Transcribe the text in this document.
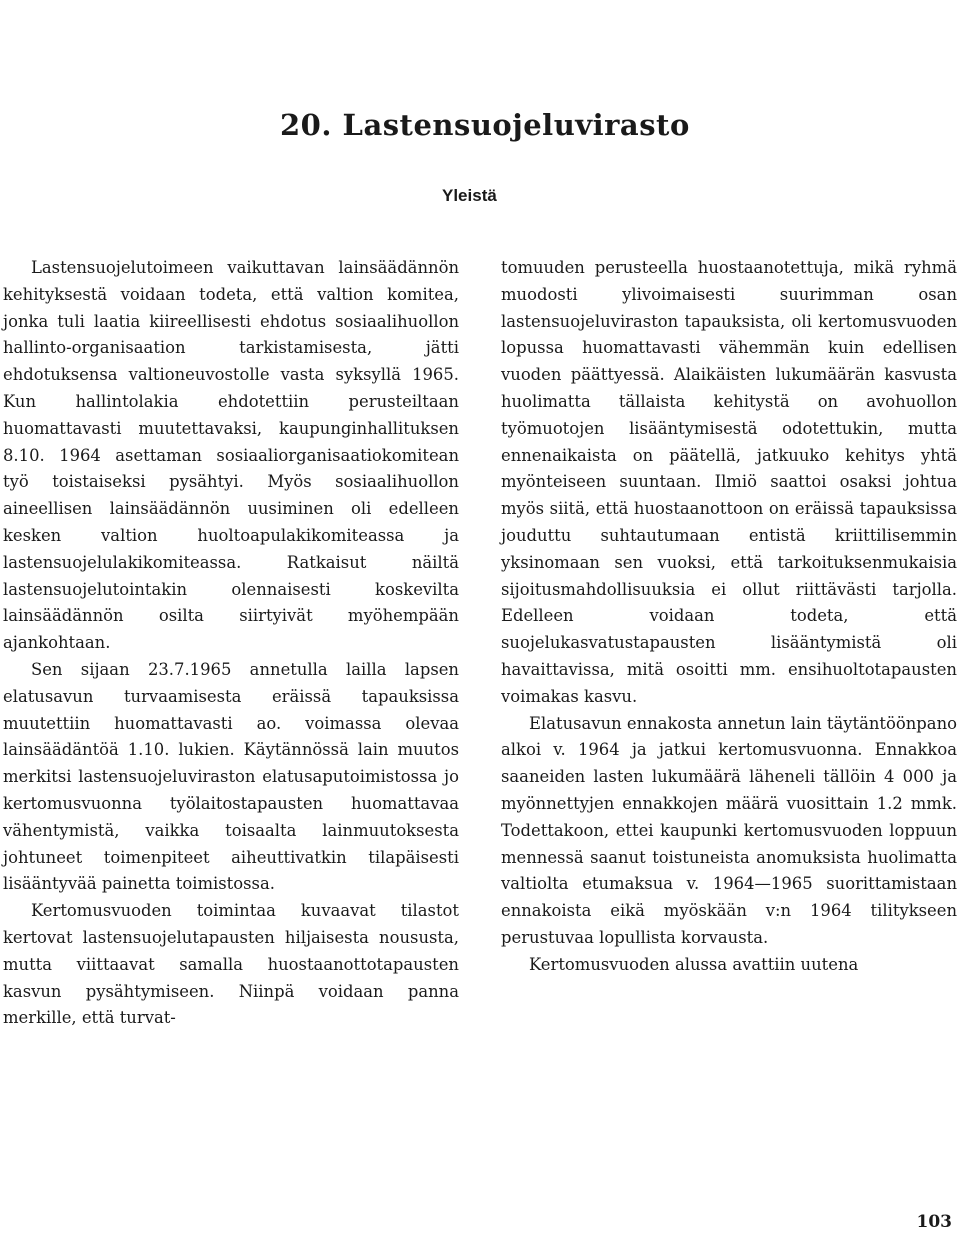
20. Lastensuojeluvirasto
Yleistä

Lastensuojelutoimeen vaikuttavan lainsäädännön kehityksestä voidaan todeta, että valtion komitea, jonka tuli laatia kiireellisesti ehdotus sosiaalihuollon hallinto-organisaation tarkistamisesta, jätti ehdotuksensa valtioneuvostolle vasta syksyllä 1965. Kun hallintolakia ehdotettiin perusteiltaan huomattavasti muutettavaksi, kaupunginhallituksen 8.10. 1964 asettaman sosiaaliorganisaatiokomitean työ toistaiseksi pysähtyi. Myös sosiaalihuollon aineellisen lainsäädännön uusiminen oli edelleen kesken valtion huoltoapulakikomiteassa ja lastensuojelulakikomiteassa. Ratkaisut näiltä lastensuojelutointakin olennaisesti koskevilta lainsäädännön osilta siirtyivät myöhempään ajankohtaan.

Sen sijaan 23.7.1965 annetulla lailla lapsen elatusavun turvaamisesta eräissä tapauksissa muutettiin huomattavasti ao. voimassa olevaa lainsäädäntöä 1.10. lukien. Käytännössä lain muutos merkitsi lastensuojeluviraston elatusaputoimistossa jo kertomusvuonna työlaitostapausten huomattavaa vähentymistä, vaikka toisaalta lainmuutoksesta johtuneet toimenpiteet aiheuttivatkin tilapäisesti lisääntyvää painetta toimistossa.

Kertomusvuoden toimintaa kuvaavat tilastot kertovat lastensuojelutapausten hiljaisesta noususta, mutta viittaavat samalla huostaanottotapausten kasvun pysähtymiseen. Niinpä voidaan panna merkille, että turvat-

tomuuden perusteella huostaanotettuja, mikä ryhmä muodosti ylivoimaisesti suurimman osan lastensuojeluviraston tapauksista, oli kertomusvuoden lopussa huomattavasti vähemmän kuin edellisen vuoden päättyessä. Alaikäisten lukumäärän kasvusta huolimatta tällaista kehitystä on avohuollon työmuotojen lisääntymisestä odotettukin, mutta ennenaikaista on päätellä, jatkuuko kehitys yhtä myönteiseen suuntaan. Ilmiö saattoi osaksi johtua myös siitä, että huostaanottoon on eräissä tapauksissa jouduttu suhtautumaan entistä kriittilisemmin yksinomaan sen vuoksi, että tarkoituksenmukaisia sijoitusmahdollisuuksia ei ollut riittävästi tarjolla. Edelleen voidaan todeta, että suojelukasvatustapausten lisääntymistä oli havaittavissa, mitä osoitti mm. ensihuoltotapausten voimakas kasvu.

Elatusavun ennakosta annetun lain täytäntöönpano alkoi v. 1964 ja jatkui kertomusvuonna. Ennakkoa saaneiden lasten lukumäärä läheneli tällöin 4 000 ja myönnettyjen ennakkojen määrä vuosittain 1.2 mmk. Todettakoon, ettei kaupunki kertomusvuoden loppuun mennessä saanut toistuneista anomuksista huolimatta valtiolta etumaksua v. 1964—1965 suorittamistaan ennakoista eikä myöskään v:n 1964 tilitykseen perustuvaa lopullista korvausta.

Kertomusvuoden alussa avattiin uutena

103
